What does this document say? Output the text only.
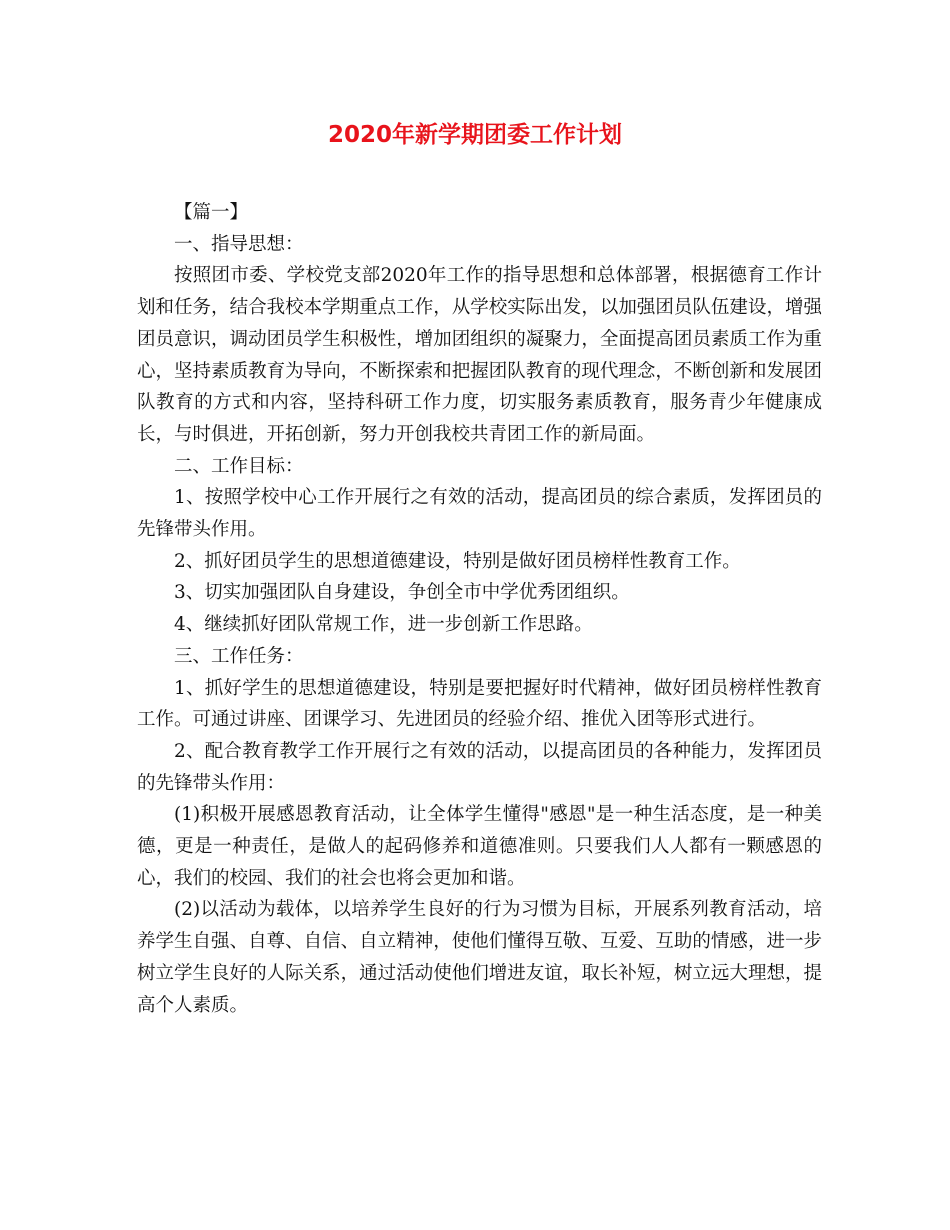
2020年新学期团委工作计划

【篇一】

一、指导思想：

按照团市委、学校党支部2020年工作的指导思想和总体部署，根据德育工作计划和任务，结合我校本学期重点工作，从学校实际出发，以加强团员队伍建设，增强团员意识，调动团员学生积极性，增加团组织的凝聚力，全面提高团员素质工作为重心，坚持素质教育为导向，不断探索和把握团队教育的现代理念，不断创新和发展团队教育的方式和内容，坚持科研工作力度，切实服务素质教育，服务青少年健康成长，与时俱进，开拓创新，努力开创我校共青团工作的新局面。

二、工作目标：

1、按照学校中心工作开展行之有效的活动，提高团员的综合素质，发挥团员的先锋带头作用。

2、抓好团员学生的思想道德建设，特别是做好团员榜样性教育工作。

3、切实加强团队自身建设，争创全市中学优秀团组织。

4、继续抓好团队常规工作，进一步创新工作思路。

三、工作任务：

1、抓好学生的思想道德建设，特别是要把握好时代精神，做好团员榜样性教育工作。可通过讲座、团课学习、先进团员的经验介绍、推优入团等形式进行。

2、配合教育教学工作开展行之有效的活动，以提高团员的各种能力，发挥团员的先锋带头作用：

(1)积极开展感恩教育活动，让全体学生懂得"感恩"是一种生活态度，是一种美德，更是一种责任，是做人的起码修养和道德准则。只要我们人人都有一颗感恩的心，我们的校园、我们的社会也将会更加和谐。

(2)以活动为载体，以培养学生良好的行为习惯为目标，开展系列教育活动，培养学生自强、自尊、自信、自立精神，使他们懂得互敬、互爱、互助的情感，进一步树立学生良好的人际关系，通过活动使他们增进友谊，取长补短，树立远大理想，提高个人素质。
